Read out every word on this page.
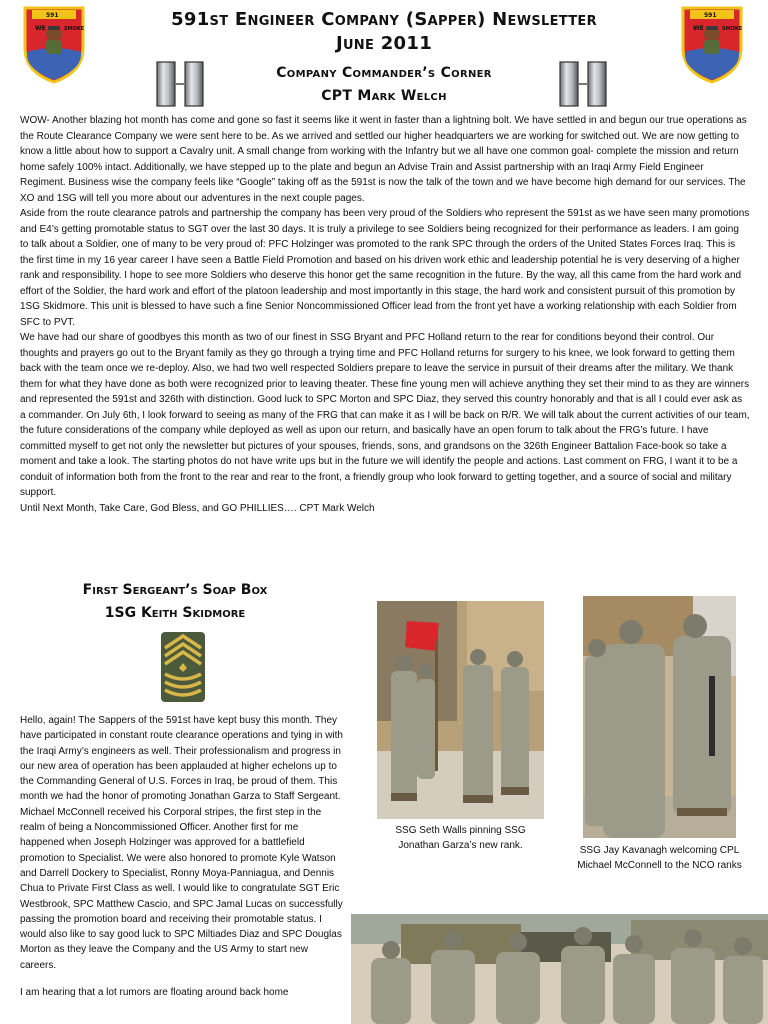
WE	SMOKE
591
WE	SMOKE
591
591st Engineer Company (Sapper) Newsletter
June 2011
Company Commander’s Corner
CPT Mark Welch

WOW- Another blazing hot month has come and gone so fast it seems like it went in faster than a lightning bolt. We have settled in and begun our true operations as the Route Clearance Company we were sent here to be. As we arrived and settled our higher headquarters we are working for switched out. We are now getting to know a little about how to support a Cavalry unit. A small change from working with the Infantry but we all have one common goal- complete the mission and return home safely 100% intact. Additionally, we have stepped up to the plate and begun an Advise Train and Assist partnership with an Iraqi Army Field Engineer Regiment. Business wise the company feels like “Google” taking off as the 591st is now the talk of the town and we have become high demand for our services. The XO and 1SG will tell you more about our adventures in the next couple pages.

Aside from the route clearance patrols and partnership the company has been very proud of the Soldiers who represent the 591st as we have seen many promotions and E4’s getting promotable status to SGT over the last 30 days. It is truly a privilege to see Soldiers being recognized for their performance as leaders. I am going to talk about a Soldier, one of many to be very proud of: PFC Holzinger was promoted to the rank SPC through the orders of the United States Forces Iraq. This is the first time in my 16 year career I have seen a Battle Field Promotion and based on his driven work ethic and leadership potential he is very deserving of a higher rank and responsibility. I hope to see more Soldiers who deserve this honor get the same recognition in the future. By the way, all this came from the hard work and effort of the Soldier, the hard work and effort of the platoon leadership and most importantly in this stage, the hard work and consistent pursuit of this promotion by 1SG Skidmore. This unit is blessed to have such a fine Senior Noncommissioned Officer lead from the front yet have a working relationship with each Soldier from SFC to PVT.

We have had our share of goodbyes this month as two of our finest in SSG Bryant and PFC Holland return to the rear for conditions beyond their control. Our thoughts and prayers go out to the Bryant family as they go through a trying time and PFC Holland returns for surgery to his knee, we look forward to getting them back with the team once we re-deploy. Also, we had two well respected Soldiers prepare to leave the service in pursuit of their dreams after the military. We thank them for what they have done as both were recognized prior to leaving theater. These fine young men will achieve anything they set their mind to as they are winners and represented the 591st and 326th with distinction. Good luck to SPC Morton and SPC Diaz, they served this country honorably and that is all I could ever ask as a commander. On July 6th, I look forward to seeing as many of the FRG that can make it as I will be back on R/R. We will talk about the current activities of our team, the future considerations of the company while deployed as well as upon our return, and basically have an open forum to talk about the FRG’s future. I have committed myself to get not only the newsletter but pictures of your spouses, friends, sons, and grandsons on the 326th Engineer Battalion Face-book so take a moment and take a look. The starting photos do not have write ups but in the future we will identify the people and actions. Last comment on FRG, I want it to be a conduit of information both from the front to the rear and rear to the front, a friendly group who look forward to getting together, and a source of social and military support.

Until Next Month, Take Care, God Bless, and GO PHILLIES…. CPT Mark Welch

First Sergeant’s Soap Box
1SG Keith Skidmore

Hello, again! The Sappers of the 591st have kept busy this month. They have participated in constant route clearance operations and tying in with the Iraqi Army’s engineers as well. Their professionalism and progress in our new area of operation has been applauded at higher echelons up to the Commanding General of U.S. Forces in Iraq, be proud of them. This month we had the honor of promoting Jonathan Garza to Staff Sergeant. Michael McConnell received his Corporal stripes, the first step in the realm of being a Noncommissioned Officer. Another first for me happened when Joseph Holzinger was approved for a battlefield promotion to Specialist. We were also honored to promote Kyle Watson and Darrell Dockery to Specialist, Ronny Moya-Panniagua, and Dennis Chua to Private First Class as well. I would like to congratulate SGT Eric Westbrook, SPC Matthew Cascio, and SPC Jamal Lucas on successfully passing the promotion board and receiving their promotable status. I would also like to say good luck to SPC Miltiades Diaz and SPC Douglas Morton as they leave the Company and the US Army to start new careers.

I am hearing that a lot rumors are floating around back home

SSG Seth Walls pinning SSG Jonathan Garza’s new rank.	SSG Jay Kavanagh welcoming CPL Michael McConnell to the NCO ranks
